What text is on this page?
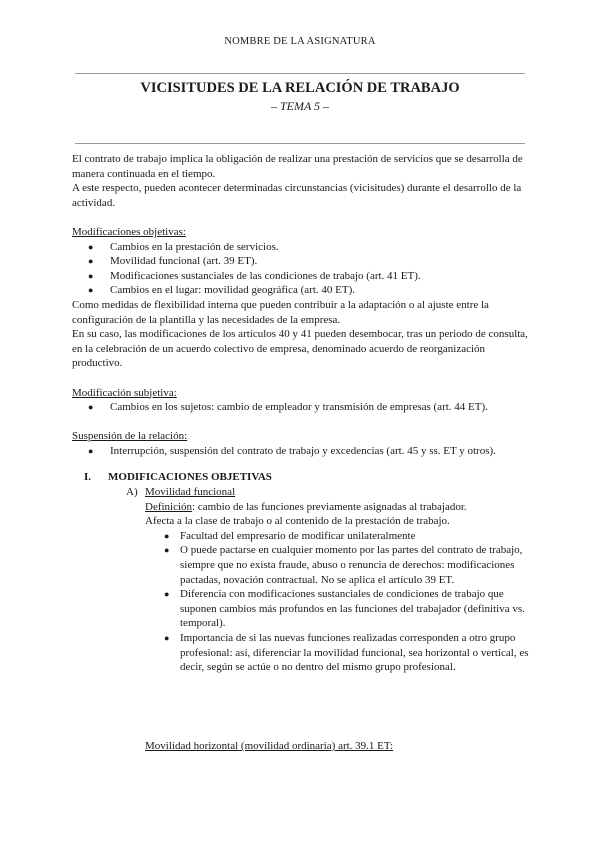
NOMBRE DE LA ASIGNATURA
VICISITUDES DE LA RELACIÓN DE TRABAJO
– TEMA 5 –

El contrato de trabajo implica la obligación de realizar una prestación de servicios que se desarrolla de manera continuada en el tiempo.

A este respecto, pueden acontecer determinadas circunstancias (vicisitudes) durante el desarrollo de la actividad.

Modificaciones objetivas:

● Cambios en la prestación de servicios.
● Movilidad funcional (art. 39 ET).
● Modificaciones sustanciales de las condiciones de trabajo (art. 41 ET).
● Cambios en el lugar: movilidad geográfica (art. 40 ET).

Como medidas de flexibilidad interna que pueden contribuir a la adaptación o al ajuste entre la configuración de la plantilla y las necesidades de la empresa.

En su caso, las modificaciones de los artículos 40 y 41 pueden desembocar, tras un periodo de consulta, en la celebración de un acuerdo colectivo de empresa, denominado acuerdo de reorganización productivo.

Modificación subjetiva:

● Cambios en los sujetos: cambio de empleador y transmisión de empresas (art. 44 ET).

Suspensión de la relación:

● Interrupción, suspensión del contrato de trabajo y excedencias (art. 45 y ss. ET y otros).
I. MODIFICACIONES OBJETIVAS
A) Movilidad funcional

Definición: cambio de las funciones previamente asignadas al trabajador.

Afecta a la clase de trabajo o al contenido de la prestación de trabajo.

● Facultad del empresario de modificar unilateralmente
● O puede pactarse en cualquier momento por las partes del contrato de trabajo, siempre que no exista fraude, abuso o renuncia de derechos: modificaciones pactadas, novación contractual. No se aplica el artículo 39 ET.
● Diferencia con modificaciones sustanciales de condiciones de trabajo que suponen cambios más profundos en las funciones del trabajador (definitiva vs. temporal).
● Importancia de si las nuevas funciones realizadas corresponden a otro grupo profesional: así, diferenciar la movilidad funcional, sea horizontal o vertical, es decir, según se actúe o no dentro del mismo grupo profesional.
Movilidad horizontal (movilidad ordinaria) art. 39.1 ET:
